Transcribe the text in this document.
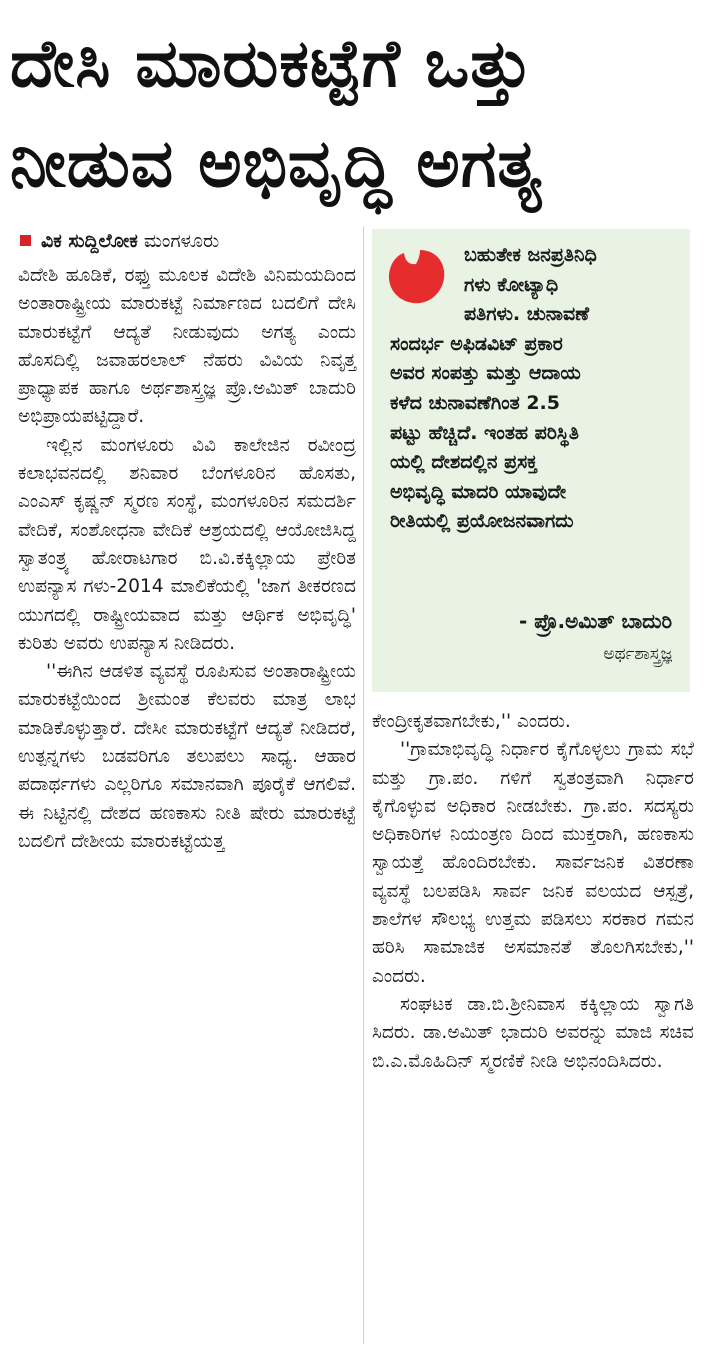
ದೇಸಿ ಮಾರುಕಟ್ಟೆಗೆ ಒತ್ತು
ನೀಡುವ ಅಭಿವೃದ್ಧಿ ಅಗತ್ಯ
ವಿಕ ಸುದ್ದಿಲೋಕ ಮಂಗಳೂರು

ವಿದೇಶಿ ಹೂಡಿಕೆ, ರಫ್ತು ಮೂಲಕ ವಿದೇಶಿ ವಿನಿಮಯದಿಂದ ಅಂತಾರಾಷ್ಟ್ರೀಯ ಮಾರುಕಟ್ಟೆ ನಿರ್ಮಾಣದ ಬದಲಿಗೆ ದೇಸಿ ಮಾರುಕಟ್ಟೆಗೆ ಆದ್ಯತೆ ನೀಡುವುದು ಅಗತ್ಯ ಎಂದು ಹೊಸದಿಲ್ಲಿ ಜವಾಹರಲಾಲ್ ನೆಹರು ವಿವಿಯ ನಿವೃತ್ತ ಪ್ರಾಧ್ಯಾಪಕ ಹಾಗೂ ಅರ್ಥಶಾಸ್ತ್ರಜ್ಞ ಪ್ರೊ.ಅಮಿತ್ ಬಾದುರಿ ಅಭಿಪ್ರಾಯಪಟ್ಟಿದ್ದಾರೆ.

ಇಲ್ಲಿನ ಮಂಗಳೂರು ವಿವಿ ಕಾಲೇಜಿನ ರವೀಂದ್ರ ಕಲಾಭವನದಲ್ಲಿ ಶನಿವಾರ ಬೆಂಗಳೂರಿನ ಹೊಸತು, ಎಂಎಸ್ ಕೃಷ್ಣನ್ ಸ್ಮರಣ ಸಂಸ್ಥೆ, ಮಂಗಳೂರಿನ ಸಮದರ್ಶಿ ವೇದಿಕೆ, ಸಂಶೋಧನಾ ವೇದಿಕೆ ಆಶ್ರಯದಲ್ಲಿ ಆಯೋಜಿಸಿದ್ದ ಸ್ವಾತಂತ್ರ್ಯ ಹೋರಾಟಗಾರ ಬಿ.ವಿ.ಕಕ್ಕಿಲ್ಲಾಯ ಪ್ರೇರಿತ ಉಪನ್ಯಾಸ ಗಳು-2014 ಮಾಲಿಕೆಯಲ್ಲಿ 'ಜಾಗ ತೀಕರಣದ ಯುಗದಲ್ಲಿ ರಾಷ್ಟ್ರೀಯವಾದ ಮತ್ತು ಆರ್ಥಿಕ ಅಭಿವೃದ್ಧಿ' ಕುರಿತು ಅವರು ಉಪನ್ಯಾಸ ನೀಡಿದರು.

''ಈಗಿನ ಆಡಳಿತ ವ್ಯವಸ್ಥೆ ರೂಪಿಸುವ ಅಂತಾರಾಷ್ಟ್ರೀಯ ಮಾರುಕಟ್ಟೆಯಿಂದ ಶ್ರೀಮಂತ ಕೆಲವರು ಮಾತ್ರ ಲಾಭ ಮಾಡಿಕೊಳ್ಳುತ್ತಾರೆ. ದೇಸೀ ಮಾರುಕಟ್ಟೆಗೆ ಆದ್ಯತೆ ನೀಡಿದರೆ, ಉತ್ಪನ್ನಗಳು ಬಡವರಿಗೂ ತಲುಪಲು ಸಾಧ್ಯ. ಆಹಾರ ಪದಾರ್ಥಗಳು ಎಲ್ಲರಿಗೂ ಸಮಾನವಾಗಿ ಪೂರೈಕೆ ಆಗಲಿವೆ. ಈ ನಿಟ್ಟಿನಲ್ಲಿ ದೇಶದ ಹಣಕಾಸು ನೀತಿ ಷೇರು ಮಾರುಕಟ್ಟೆ ಬದಲಿಗೆ ದೇಶೀಯ ಮಾರುಕಟ್ಟೆಯತ್ತ

ಬಹುತೇಕ ಜನಪ್ರತಿನಿಧಿ
ಗಳು ಕೋಟ್ಯಾಧಿ
ಪತಿಗಳು. ಚುನಾವಣೆ
ಸಂದರ್ಭ ಅಫಿಡವಿಟ್ ಪ್ರಕಾರ
ಅವರ ಸಂಪತ್ತು ಮತ್ತು ಆದಾಯ
ಕಳೆದ ಚುನಾವಣೆಗಿಂತ 2.5
ಪಟ್ಟು ಹೆಚ್ಚಿದೆ. ಇಂತಹ ಪರಿಸ್ಥಿತಿ
ಯಲ್ಲಿ ದೇಶದಲ್ಲಿನ ಪ್ರಸಕ್ತ
ಅಭಿವೃದ್ಧಿ ಮಾದರಿ ಯಾವುದೇ
ರೀತಿಯಲ್ಲಿ ಪ್ರಯೋಜನವಾಗದು
- ಪ್ರೊ.ಅಮಿತ್ ಬಾದುರಿ
ಅರ್ಥಶಾಸ್ತ್ರಜ್ಞ

ಕೇಂದ್ರೀಕೃತವಾಗಬೇಕು,'' ಎಂದರು.

''ಗ್ರಾಮಾಭಿವೃದ್ಧಿ ನಿರ್ಧಾರ ಕೈಗೊಳ್ಳಲು ಗ್ರಾಮ ಸಭೆ ಮತ್ತು ಗ್ರಾ.ಪಂ. ಗಳಿಗೆ ಸ್ವತಂತ್ರವಾಗಿ ನಿರ್ಧಾರ ಕೈಗೊಳ್ಳುವ ಅಧಿಕಾರ ನೀಡಬೇಕು. ಗ್ರಾ.ಪಂ. ಸದಸ್ಯರು ಅಧಿಕಾರಿಗಳ ನಿಯಂತ್ರಣ ದಿಂದ ಮುಕ್ತರಾಗಿ, ಹಣಕಾಸು ಸ್ವಾಯತ್ತೆ ಹೊಂದಿರಬೇಕು. ಸಾರ್ವಜನಿಕ ವಿತರಣಾ ವ್ಯವಸ್ಥೆ ಬಲಪಡಿಸಿ ಸಾರ್ವ ಜನಿಕ ವಲಯದ ಆಸ್ಪತ್ರೆ, ಶಾಲೆಗಳ ಸೌಲಭ್ಯ ಉತ್ತಮ ಪಡಿಸಲು ಸರಕಾರ ಗಮನ ಹರಿಸಿ ಸಾಮಾಜಿಕ ಅಸಮಾನತೆ ತೊಲಗಿಸಬೇಕು,'' ಎಂದರು.

ಸಂಘಟಕ ಡಾ.ಬಿ.ಶ್ರೀನಿವಾಸ ಕಕ್ಕಿಲ್ಲಾಯ ಸ್ವಾಗತಿ ಸಿದರು. ಡಾ.ಅಮಿತ್ ಭಾದುರಿ ಅವರನ್ನು ಮಾಜಿ ಸಚಿವ ಬಿ.ಎ.ಮೊಹಿದಿನ್ ಸ್ಮರಣಿಕೆ ನೀಡಿ ಅಭಿನಂದಿಸಿದರು.
